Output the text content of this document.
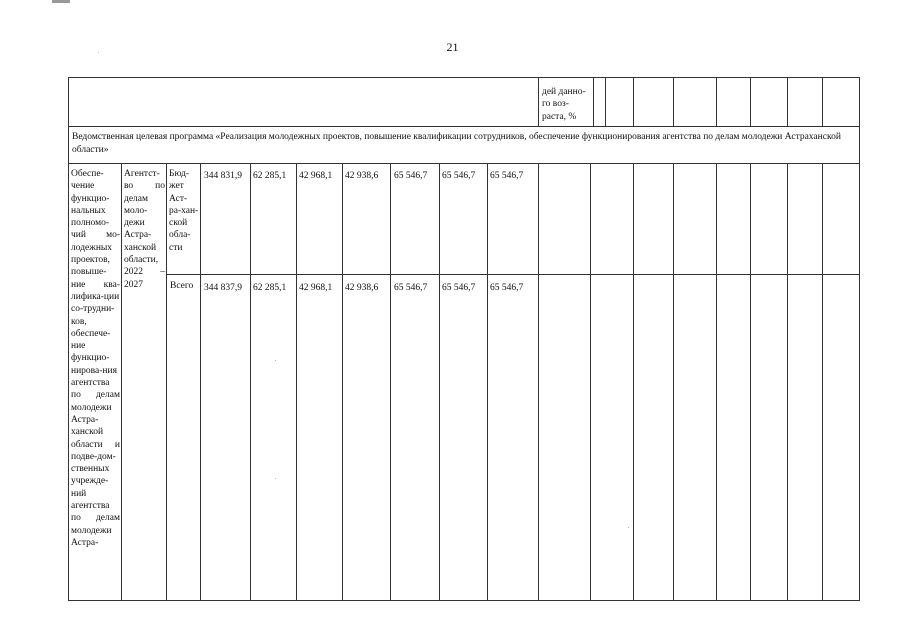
21
дей данно-го воз-раста, %
Ведомственная целевая программа «Реализация молодежных проектов, повышение квалификации сотрудников, обеспечение функционирования агентства по делам молодежи Астраханской области»
Обеспе-чение функцио-нальных полномо-чий мо-лодежных проектов, повыше-ние ква-лифика-ции со-трудни-ков, обеспече-ние функцио-нирова-ния агентства по делам молодежи Астра-ханской области и подве-дом-ственных учрежде-ний агентства по делам молодежи Астра-
Агентст-во по делам моло-дежи Астра-ханской области, 2022 – 2027
Бюд-жет Аст-ра-хан-ской обла-сти
344 831,9 62 285,1 42 968,1 42 938,6 65 546,7 65 546,7 65 546,7
Всего	344 837,9 62 285,1 42 968,1 42 938,6 65 546,7 65 546,7 65 546,7
